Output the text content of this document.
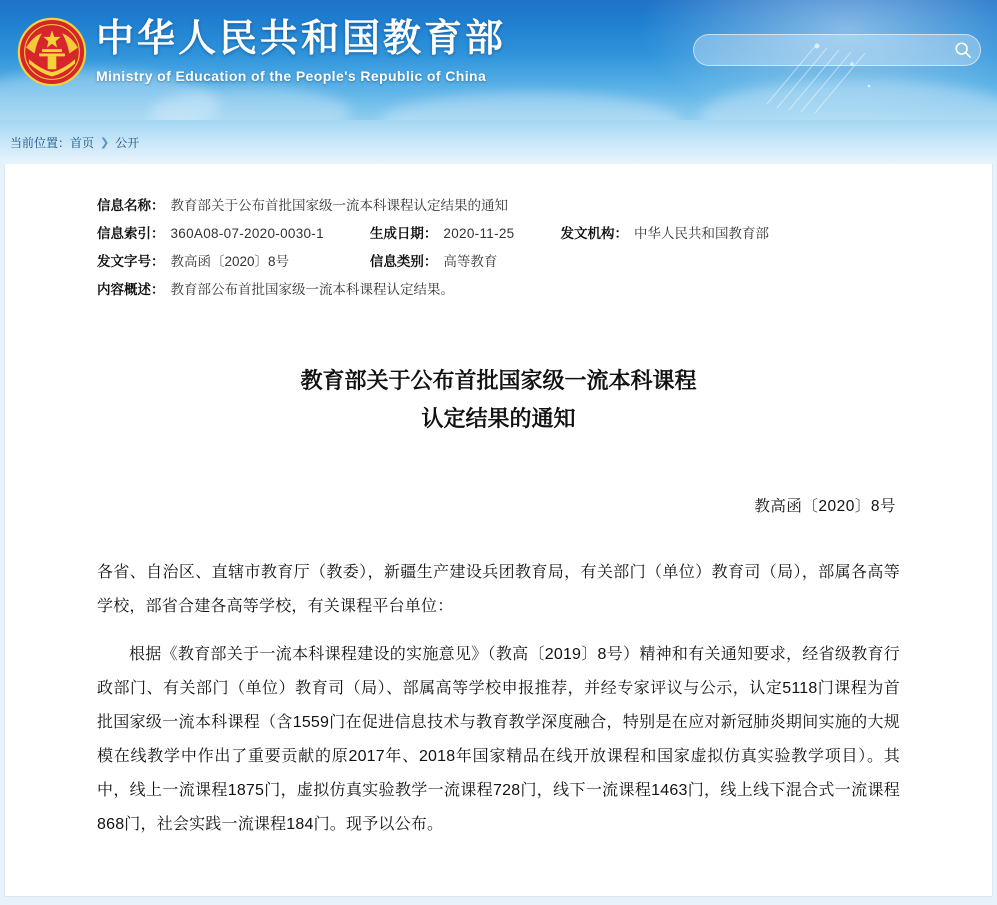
中华人民共和国教育部
Ministry of Education of the People's Republic of China
当前位置： 首页 ❯ 公开
信息名称：	教育部关于公布首批国家级一流本科课程认定结果的通知				
信息索引：	360A08-07-2020-0030-1	生成日期：	2020-11-25	发文机构：	中华人民共和国教育部
发文字号：	教高函〔2020〕8号	信息类别：	高等教育		
内容概述：	教育部公布首批国家级一流本科课程认定结果。				
教育部关于公布首批国家级一流本科课程
认定结果的通知
教高函〔2020〕8号

各省、自治区、直辖市教育厅（教委），新疆生产建设兵团教育局，有关部门（单位）教育司（局），部属各高等学校，部省合建各高等学校，有关课程平台单位：

根据《教育部关于一流本科课程建设的实施意见》（教高〔2019〕8号）精神和有关通知要求，经省级教育行政部门、有关部门（单位）教育司（局）、部属高等学校申报推荐，并经专家评议与公示，认定5118门课程为首批国家级一流本科课程（含1559门在促进信息技术与教育教学深度融合，特别是在应对新冠肺炎期间实施的大规模在线教学中作出了重要贡献的原2017年、2018年国家精品在线开放课程和国家虚拟仿真实验教学项目）。其中，线上一流课程1875门，虚拟仿真实验教学一流课程728门，线下一流课程1463门，线上线下混合式一流课程868门，社会实践一流课程184门。现予以公布。
